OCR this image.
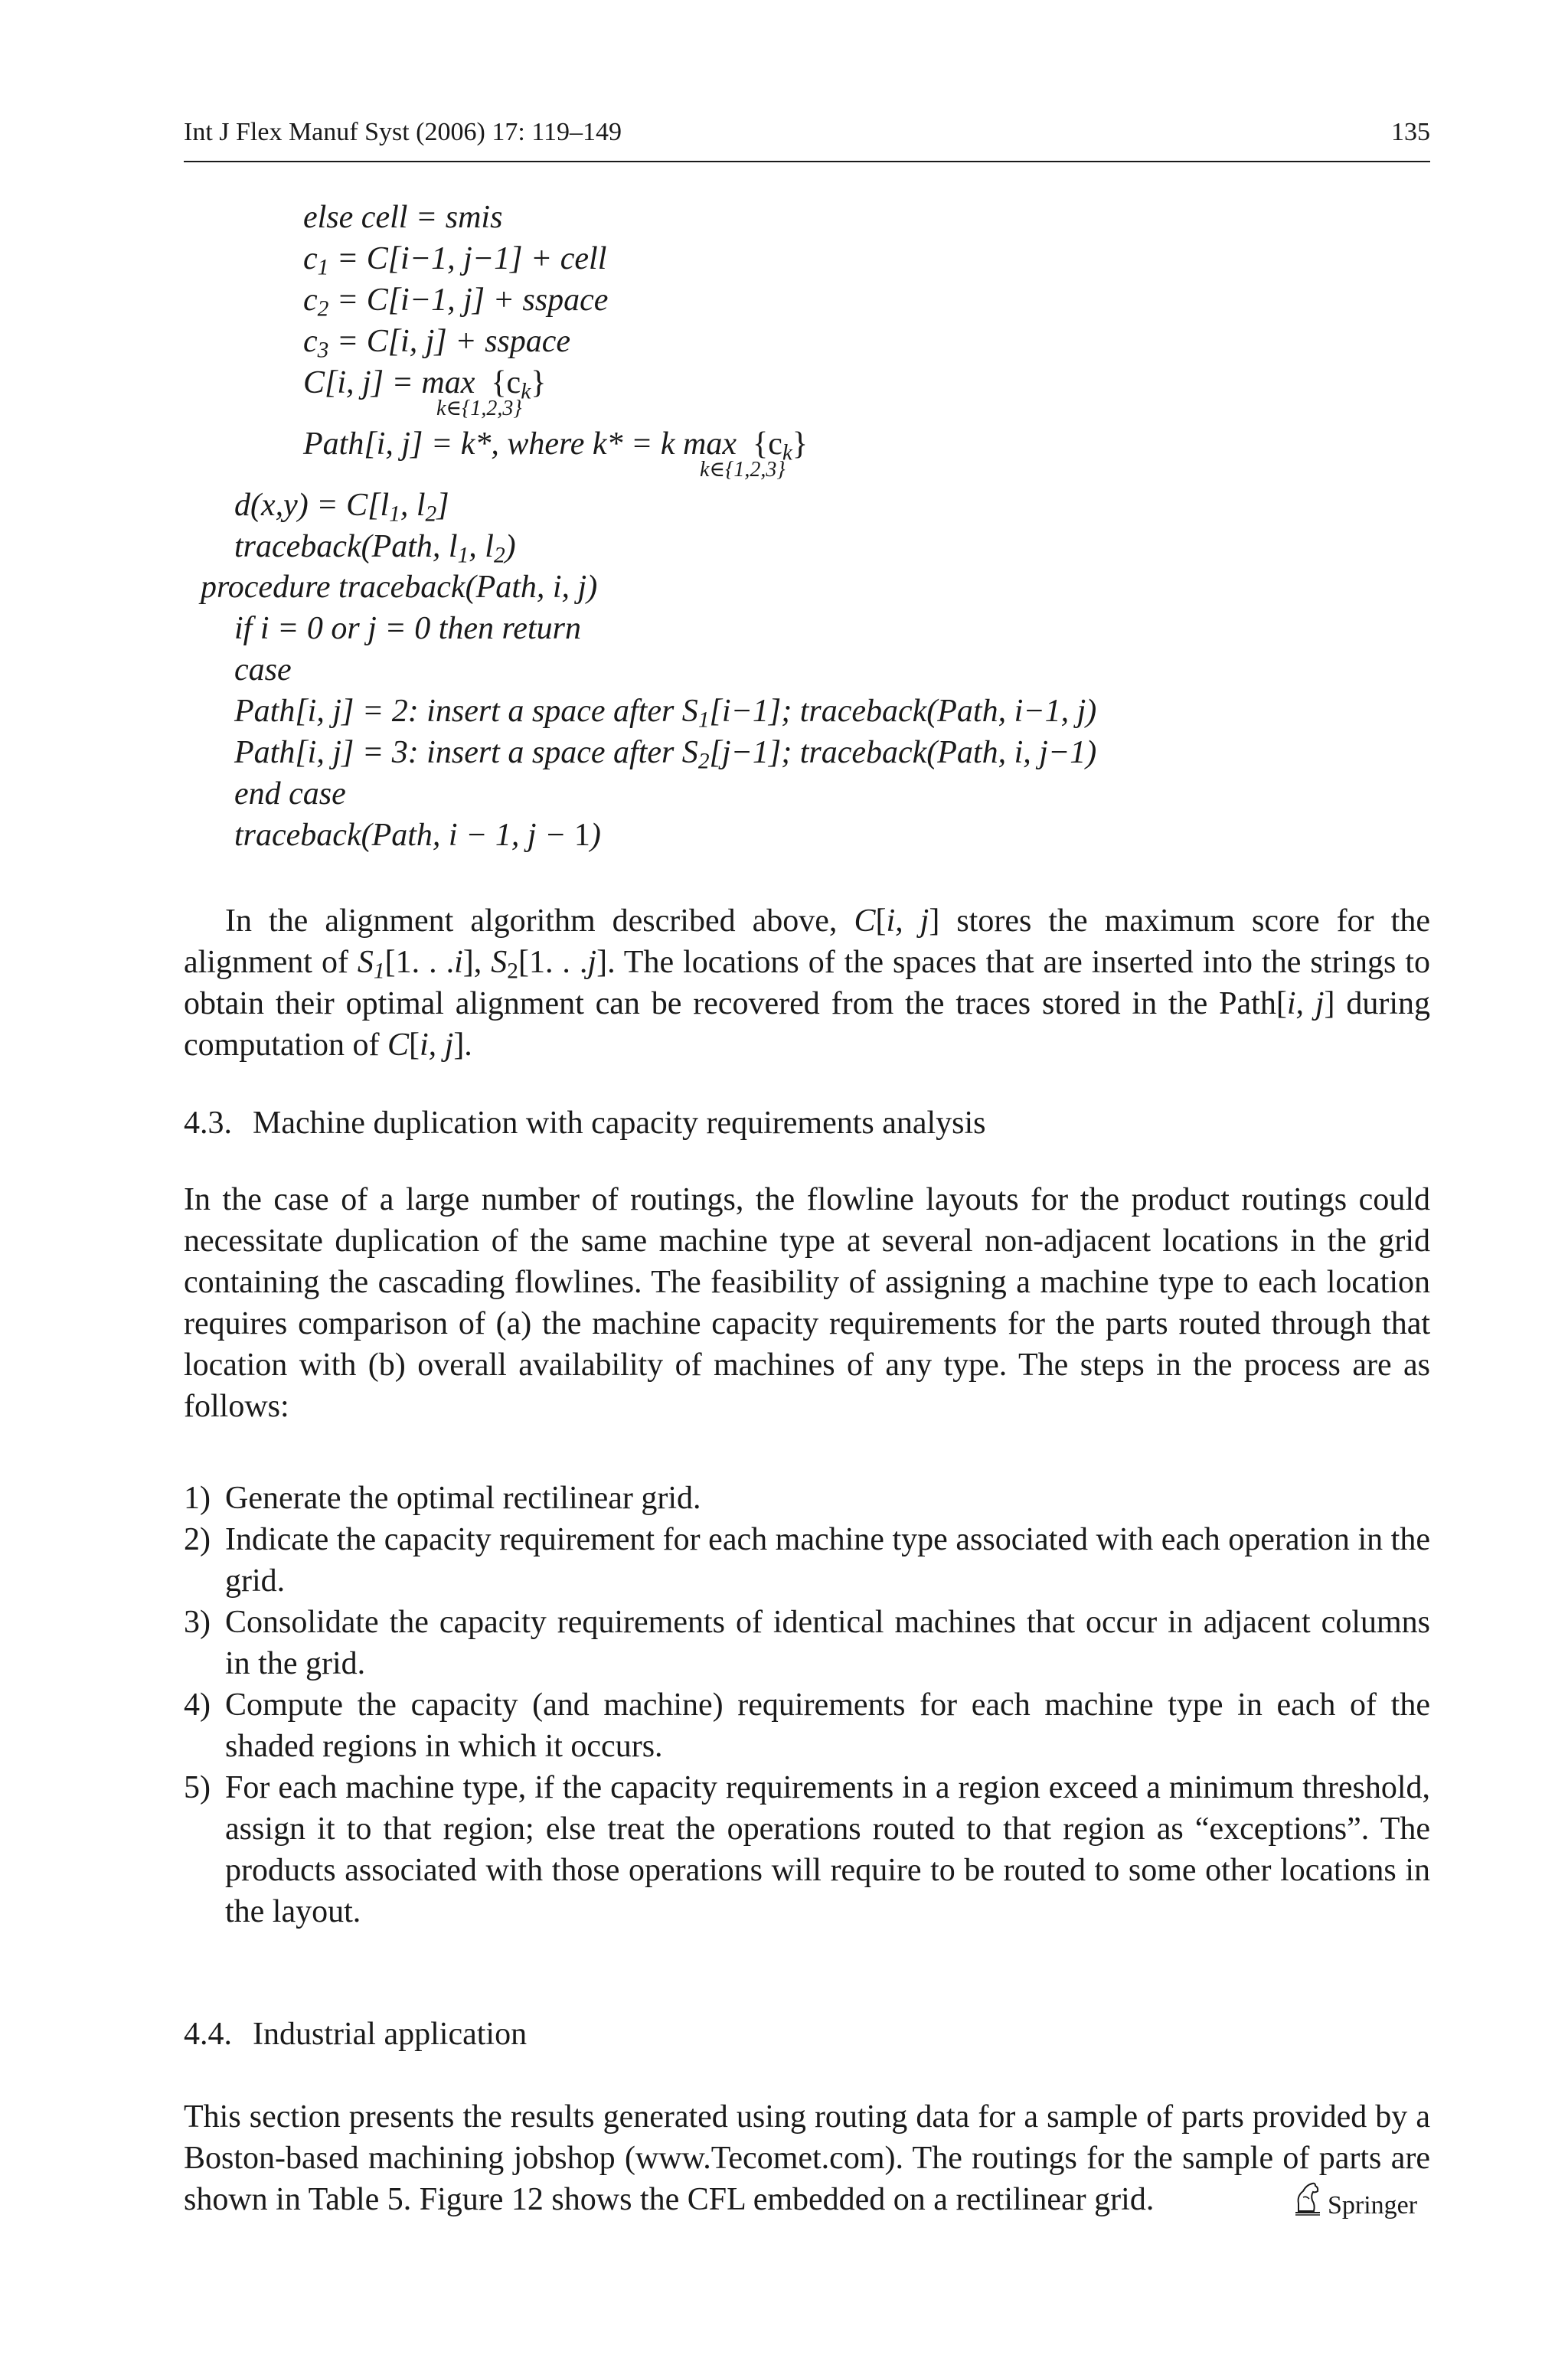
Int J Flex Manuf Syst (2006) 17: 119–149	135
else cell = smis
$c_1 = C[i-1$, j−1] + cell
$c_2 = C[i-1$, j] + sspace
$c_3 = C[i$, j] + sspace
C[i, $j] = \max \{c_k\}$
k∈{1,2,3}
Path[i, j] = k*, where k* = k $\max \{c_k\}$
k∈{1,2,3}
$d(x,y) = C[l_1$, $l_2$]
traceback(Path, $l_1$, $l_2$)
procedure traceback(Path, i, j)
if i = 0 or j = 0 then return
case
Path[i, j] = 2: insert a space after $S_1[i-1]$; traceback(Path, i−1, j)
Path[i, j] = 3: insert a space after $S_2[j-1]$; traceback(Path, i, j−1)
end case
traceback(Path, i − 1, j − 1)
In the alignment algorithm described above, C[i, j] stores the maximum score for the alignment of $S_1[1$. . .i], $S_2[1$. . .j]. The locations of the spaces that are inserted into the strings to obtain their optimal alignment can be recovered from the traces stored in the Path[i, j] during computation of C[i, j].
4.3. Machine duplication with capacity requirements analysis
In the case of a large number of routings, the flowline layouts for the product routings could necessitate duplication of the same machine type at several non-adjacent locations in the grid containing the cascading flowlines. The feasibility of assigning a machine type to each location requires comparison of (a) the machine capacity requirements for the parts routed through that location with (b) overall availability of machines of any type. The steps in the process are as follows:
1) Generate the optimal rectilinear grid.
2) Indicate the capacity requirement for each machine type associated with each operation in the grid.
3) Consolidate the capacity requirements of identical machines that occur in adjacent columns in the grid.
4) Compute the capacity (and machine) requirements for each machine type in each of the shaded regions in which it occurs.
5) For each machine type, if the capacity requirements in a region exceed a minimum threshold, assign it to that region; else treat the operations routed to that region as “exceptions”. The products associated with those operations will require to be routed to some other locations in the layout.
4.4. Industrial application
This section presents the results generated using routing data for a sample of parts provided by a Boston-based machining jobshop (www.Tecomet.com). The routings for the sample of parts are shown in Table 5. Figure 12 shows the CFL embedded on a rectilinear grid.	Springer
